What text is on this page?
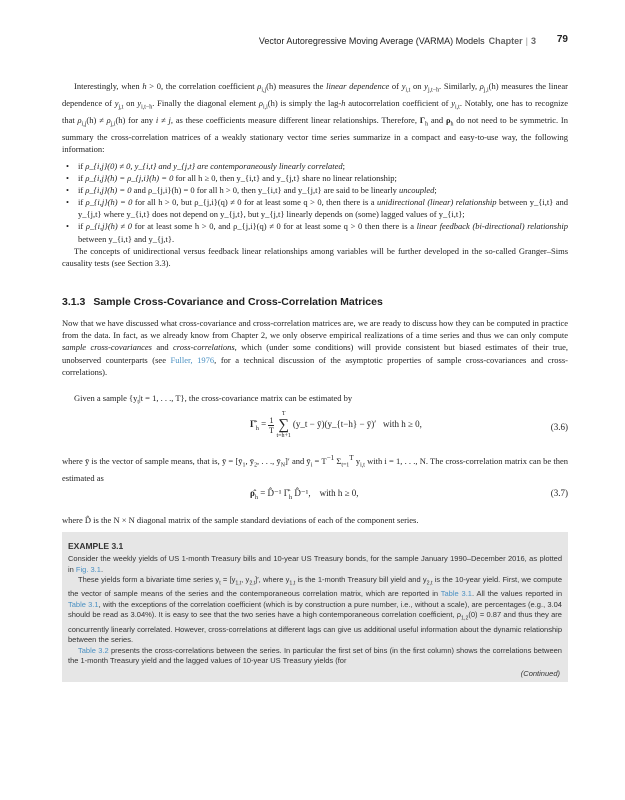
Vector Autoregressive Moving Average (VARMA) Models Chapter | 3 79

Interestingly, when h > 0, the correlation coefficient $\rho_{i,j}(h)$ measures the linear dependence of $y_{i,t}$ on $y_{j,t-h}$. Similarly, $\rho_{j,i}(h)$ measures the linear dependence of $y_{j,t}$ on $y_{i,t-h}$. Finally the diagonal element $\rho_{i,i}(h)$ is simply the lag-h autocorrelation coefficient of $y_{i,t}$. Notably, one has to recognize that $\rho_{i,j}(h) \ne \rho_{j,i}(h)$ for any i ≠ j, as these coefficients measure different linear relationships. Therefore, $\Gamma_h$ and $\rho_h$ do not need to be symmetric. In summary the cross-correlation matrices of a weakly stationary vector time series summarize in a compact and easy-to-use way, the following information:

• if ρ_{i,j}(0) ≠ 0, y_{i,t} and y_{j,t} are contemporaneously linearly correlated;
• if ρ_{i,j}(h) = ρ_{j,i}(h) = 0 for all h ≥ 0, then y_{i,t} and y_{j,t} share no linear relationship;
• if ρ_{i,j}(h) = 0 and ρ_{j,i}(h) = 0 for all h > 0, then y_{i,t} and y_{j,t} are said to be linearly uncoupled;
• if ρ_{i,j}(h) = 0 for all h > 0, but ρ_{j,i}(q) ≠ 0 for at least some q > 0, then there is a unidirectional (linear) relationship between y_{i,t} and y_{j,t} where y_{i,t} does not depend on y_{j,t}, but y_{j,t} linearly depends on (some) lagged values of y_{i,t};
• if ρ_{i,j}(h) ≠ 0 for at least some h > 0, and ρ_{j,i}(q) ≠ 0 for at least some q > 0 then there is a linear feedback (bi-directional) relationship between y_{i,t} and y_{j,t}.

The concepts of unidirectional versus feedback linear relationships among variables will be further developed in the so-called Granger–Sims causality tests (see Section 3.3).

3.1.3 Sample Cross-Covariance and Cross-Correlation Matrices

Now that we have discussed what cross-covariance and cross-correlation matrices are, we are ready to discuss how they can be computed in practice from the data. In fact, as we already know from Chapter 2, we only observe empirical realizations of a time series and thus we can only compute sample cross-covariances and cross-correlations, which (under some conditions) will provide consistent but biased estimates of their true, unobserved counterparts (see Fuller, 1976, for a technical discussion of the asymptotic properties of sample cross-covariances and cross-correlations).

Given a sample {$y_t|t = 1$, . . ., T}, the cross-covariance matrix can be estimated by

$\Gammâ_h = \frac{1}{T}$
T
∑
t=h+1
(y_t − ȳ)(y_{t−h} − ȳ)′ with h ≥ 0,	(3.6)

where ȳ is the vector of sample means, that is, ȳ = [$ȳ_1$, $ȳ_2$, . . ., $ȳ_N]'$ and $ȳ_i = T^{-1}$ $\Sigma_{t=1}^T$ $y_{i,t}$ with i = 1, . . ., N. The cross-correlation matrix can be then estimated as

$\rhô_h$ = D̂⁻¹ $\Gammâ_h$ D̂⁻¹, with h ≥ 0,	(3.7)

where D̂ is the N × N diagonal matrix of the sample standard deviations of each of the component series.

EXAMPLE 3.1

Consider the weekly yields of US 1-month Treasury bills and 10-year US Treasury bonds, for the sample January 1990–December 2016, as plotted in Fig. 3.1.

These yields form a bivariate time series $y_t = [y_{1,t}$, $y_{2,t}]'$, where $y_{1,t}$ is the 1-month Treasury bill yield and $y_{2,t}$ is the 10-year yield. First, we compute the vector of sample means of the series and the contemporaneous correlation matrix, which are reported in Table 3.1. All the values reported in Table 3.1, with the exceptions of the correlation coefficient (which is by construction a pure number, i.e., without a scale), are percentages (e.g., 3.04 should be read as 3.04%). It is easy to see that the two series have a high contemporaneous correlation coefficient, $\rho_{1,2}(0) = 0.87$ and thus they are concurrently linearly correlated. However, cross-correlations at different lags can give us additional useful information about the dynamic relationship between the series.

Table 3.2 presents the cross-correlations between the series. In particular the first set of bins (in the first column) shows the correlations between the 1-month Treasury yield and the lagged values of 10-year US Treasury yields (for

(Continued)
